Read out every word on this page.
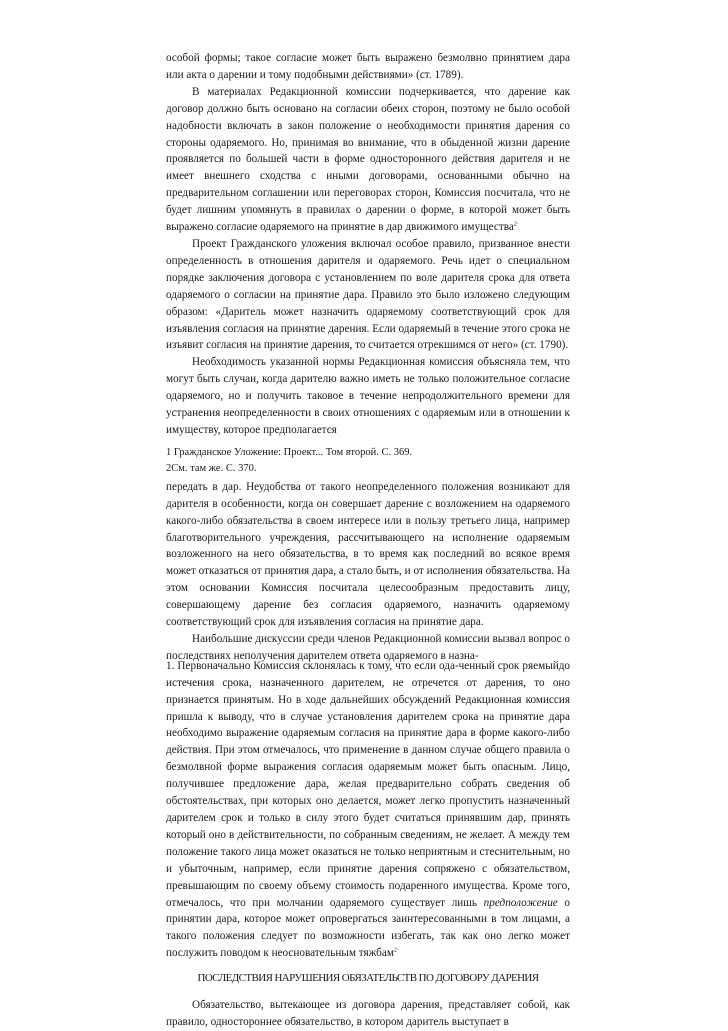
особой формы; такое согласие может быть выражено безмолвно принятием дара или акта о дарении и тому подобными действиями» (ст. 1789).

В материалах Редакционной комиссии подчеркивается, что дарение как договор должно быть основано на согласии обеих сторон, поэтому не было особой надобности включать в закон положение о необходимости принятия дарения со стороны одаряемого. Но, принимая во внимание, что в обыденной жизни дарение проявляется по большей части в форме односторонного действия дарителя и не имеет внешнего сходства с иными договорами, основанными обычно на предварительном соглашении или переговорах сторон, Комиссия посчитала, что не будет лишним упомянуть в правилах о дарении о форме, в которой может быть выражено согласие одаряемого на принятие в дар движимого имущества$^{2\cdot}$

Проект Гражданского уложения включал особое правило, призванное внести определенность в отношения дарителя и одаряемого. Речь идет о специальном порядке заключения договора с установлением по воле дарителя срока для ответа одаряемого о согласии на принятие дара. Правило это было изложено следующим образом: «Даритель может назначить одаряемому соответствующий срок для изъявления согласия на принятие дарения. Если одаряемый в течение этого срока не изъявит согласия на принятие дарения, то считается отрекшимся от него» (ст. 1790).

Необходимость указанной нормы Редакционная комиссия объясняла тем, что могут быть случаи, когда дарителю важно иметь не только положительное согласие одаряемого, но и получить таковое в течение непродолжительного времени для устранения неопределенности в своих отношениях с одаряемым или в отношении к имуществу, которое предполагается

1 Гражданское Уложение: Проект... Том второй. С. 369.

2См. там же. С. 370.

передать в дар. Неудобства от такого неопределенного положения возникают для дарителя в особенности, когда он совершает дарение с возложением на одаряемого какого-либо обязательства в своем интересе или в пользу третьего лица, например благотворительного учреждения, рассчитывающего на исполнение одаряемым возложенного на него обязательства, в то время как последний во всякое время может отказаться от принятия дара, а стало быть, и от исполнения обязательства. На этом основании Комиссия посчитала целесообразным предоставить лицу, совершающему дарение без согласия одаряемого, назначить одаряемому соответствующий срок для изъявления согласия на принятие дара.

Наибольшие дискуссии среди членов Редакционной комиссии вызвал вопрос о последствиях неполучения дарителем ответа одаряемого в назна-

1. Первоначально Комиссия склонялась к тому, что если ода-ченный срок ряемыйдо истечения срока, назначенного дарителем, не отречется от дарения, то оно признается принятым. Но в ходе дальнейших обсуждений Редакционная комиссия пришла к выводу, что в случае установления дарителем срока на принятие дара необходимо выражение одаряемым согласия на принятие дара в форме какого-либо действия. При этом отмечалось, что применение в данном случае общего правила о безмолвной форме выражения согласия одаряемым может быть опасным. Лицо, получившее предложение дара, желая предварительно собрать сведения об обстоятельствах, при которых оно делается, может легко пропустить назначенный дарителем срок и только в силу этого будет считаться принявшим дар, принять который оно в действительности, по собранным сведениям, не желает. А между тем положение такого лица может оказаться не только неприятным и стеснительным, но и убыточным, например, если принятие дарения сопряжено с обязательством, превышающим по своему объему стоимость подаренного имущества. Кроме того, отмечалось, что при молчании одаряемого существует лишь предположение о принятии дара, которое может опровергаться заинтересованными в том лицами, а такого положения следует по возможности избегать, так как оно легко может послужить поводом к неосновательным тяжбам$^{2\cdot}$

ПОСЛЕДСТВИЯ НАРУШЕНИЯ ОБЯЗАТЕЛЬСТВ ПО ДОГОВОРУ ДАРЕНИЯ

Обязательство, вытекающее из договора дарения, представляет собой, как правило, одностороннее обязательство, в котором даритель выступает в
